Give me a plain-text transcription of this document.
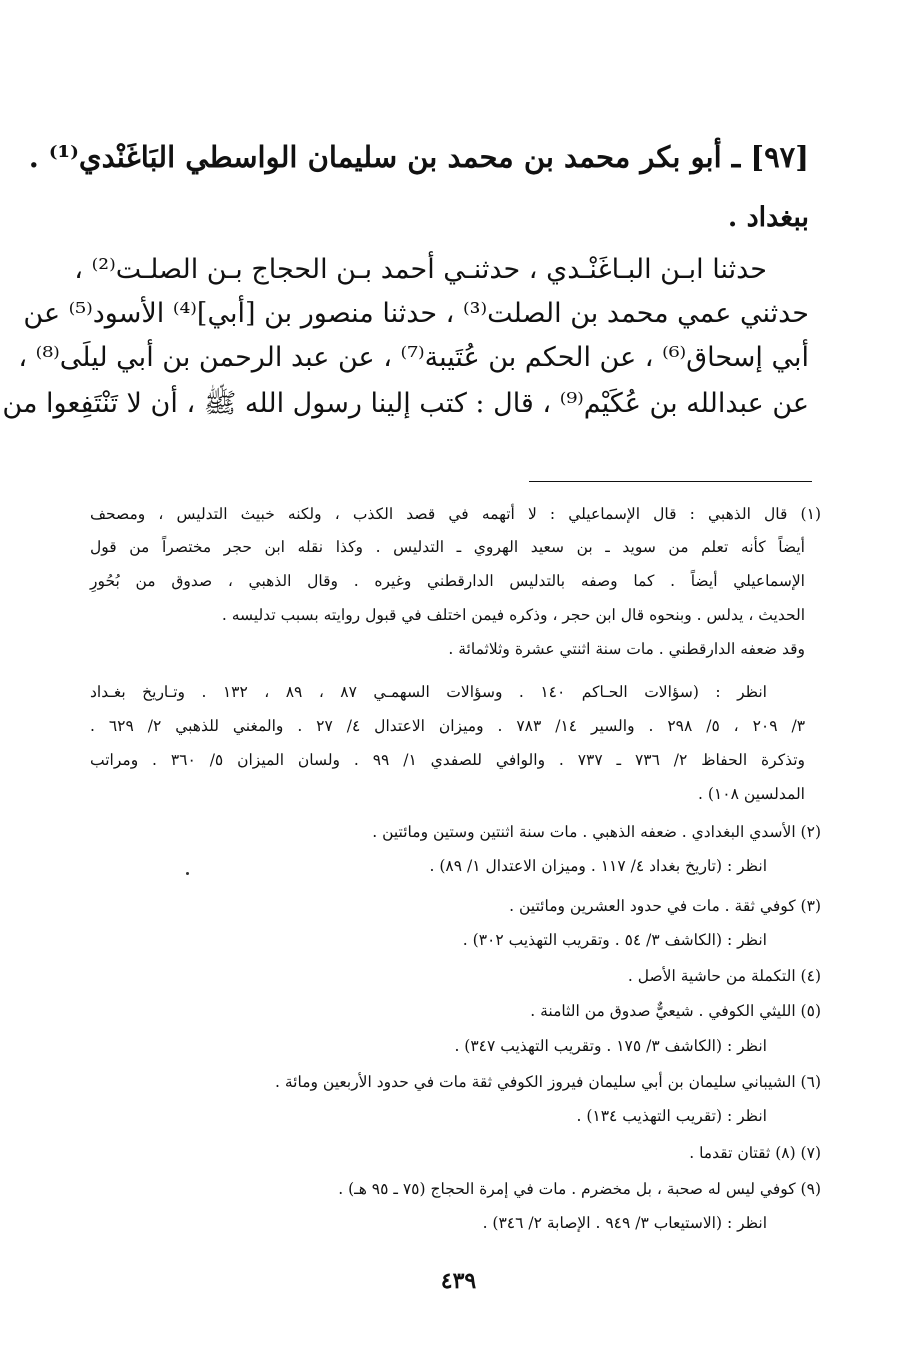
[٩٧] ـ أبو بكر محمد بن محمد بن سليمان الواسطي البَاغَنْدي⁽¹⁾ .
ببغداد .
حدثنا ابـن البـاغَنْـدي ، حدثنـي أحمد بـن الحجاج بـن الصلـت⁽²⁾ ،
حدثني عمي محمد بن الصلت⁽³⁾ ، حدثنا منصور بن [أبي]⁽⁴⁾ الأسود⁽⁵⁾ عن
أبي إسحاق⁽⁶⁾ ، عن الحكم بن عُتَيبة⁽⁷⁾ ، عن عبد الرحمن بن أبي ليلَى⁽⁸⁾ ،
عن عبدالله بن عُكَيْم⁽⁹⁾ ، قال : كتب إلينا رسول الله ﷺ ، أن لا تَنْتَفِعوا من
(١) قال الذهبي : قال الإسماعيلي : لا أتهمه في قصد الكذب ، ولكنه خبيث التدليس ، ومصحف
أيضاً كأنه تعلم من سويد ـ بن سعيد الهروي ـ التدليس . وكذا نقله ابن حجر مختصراً من قول
الإسماعيلي أيضاً . كما وصفه بالتدليس الدارقطني وغيره . وقال الذهبي ، صدوق من بُحُورِ
الحديث ، يدلس . وبنحوه قال ابن حجر ، وذكره فيمن اختلف في قبول روايته بسبب تدليسه .
وقد ضعفه الدارقطني . مات سنة اثنتي عشرة وثلاثمائة .
انظر : (سؤالات الحـاكم ١٤٠ . وسؤالات السهمـي ٨٧ ، ٨٩ ، ١٣٢ . وتـاريخ بغـداد
٣/ ٢٠٩ ، ٥/ ٢٩٨ . والسير ١٤/ ٧٨٣ . وميزان الاعتدال ٤/ ٢٧ . والمغني للذهبي ٢/ ٦٢٩ .
وتذكرة الحفاظ ٢/ ٧٣٦ ـ ٧٣٧ . والوافي للصفدي ١/ ٩٩ . ولسان الميزان ٥/ ٣٦٠ . ومراتب
المدلسين ١٠٨) .
(٢) الأسدي البغدادي . ضعفه الذهبي . مات سنة اثنتين وستين ومائتين .
انظر : (تاريخ بغداد ٤/ ١١٧ . وميزان الاعتدال ١/ ٨٩) .
(٣) كوفي ثقة . مات في حدود العشرين ومائتين .
انظر : (الكاشف ٣/ ٥٤ . وتقريب التهذيب ٣٠٢) .
(٤) التكملة من حاشية الأصل .
(٥) الليثي الكوفي . شيعيٌّ صدوق من الثامنة .
انظر : (الكاشف ٣/ ١٧٥ . وتقريب التهذيب ٣٤٧) .
(٦) الشيباني سليمان بن أبي سليمان فيروز الكوفي ثقة مات في حدود الأربعين ومائة .
انظر : (تقريب التهذيب ١٣٤) .
(٧) (٨) ثقتان تقدما .
(٩) كوفي ليس له صحبة ، بل مخضرم . مات في إمرة الحجاج (٧٥ ـ ٩٥ هـ) .
انظر : (الاستيعاب ٣/ ٩٤٩ . الإصابة ٢/ ٣٤٦) .
٤٣٩
